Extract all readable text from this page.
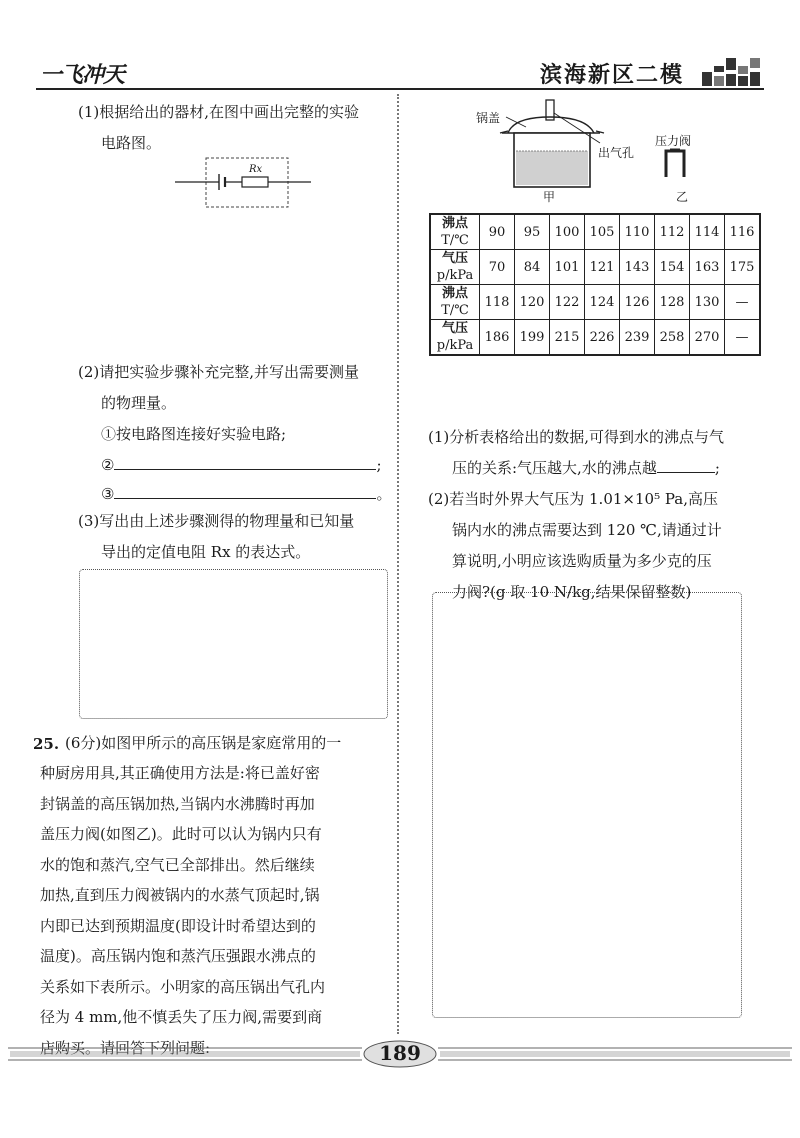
一飞冲天	滨海新区二模
(1)根据给出的器材,在图中画出完整的实验
电路图。
Rx
(2)请把实验步骤补充完整,并写出需要测量
的物理量。
①按电路图连接好实验电路;
②	;
③	。
(3)写出由上述步骤测得的物理量和已知量
导出的定值电阻 Rx 的表达式。
25. (6分)如图甲所示的高压锅是家庭常用的一
种厨房用具,其正确使用方法是:将已盖好密
封锅盖的高压锅加热,当锅内水沸腾时再加
盖压力阀(如图乙)。此时可以认为锅内只有
水的饱和蒸汽,空气已全部排出。然后继续
加热,直到压力阀被锅内的水蒸气顶起时,锅
内即已达到预期温度(即设计时希望达到的
温度)。高压锅内饱和蒸汽压强跟水沸点的
关系如下表所示。小明家的高压锅出气孔内
径为 4 mm,他不慎丢失了压力阀,需要到商
店购买。请回答下列问题:
锅盖
出气孔
压力阀
甲	乙
沸点
T/℃	90	95	100	105	110	112	114	116
气压
p/kPa	70	84	101	121	143	154	163	175
沸点
T/℃	118	120	122	124	126	128	130	—
气压
p/kPa	186	199	215	226	239	258	270	—
(1)分析表格给出的数据,可得到水的沸点与气
压的关系:气压越大,水的沸点越	;
(2)若当时外界大气压为 1.01×10⁵ Pa,高压
锅内水的沸点需要达到 120 ℃,请通过计
算说明,小明应该选购质量为多少克的压
力阀?(g 取 10 N/kg,结果保留整数)
189
